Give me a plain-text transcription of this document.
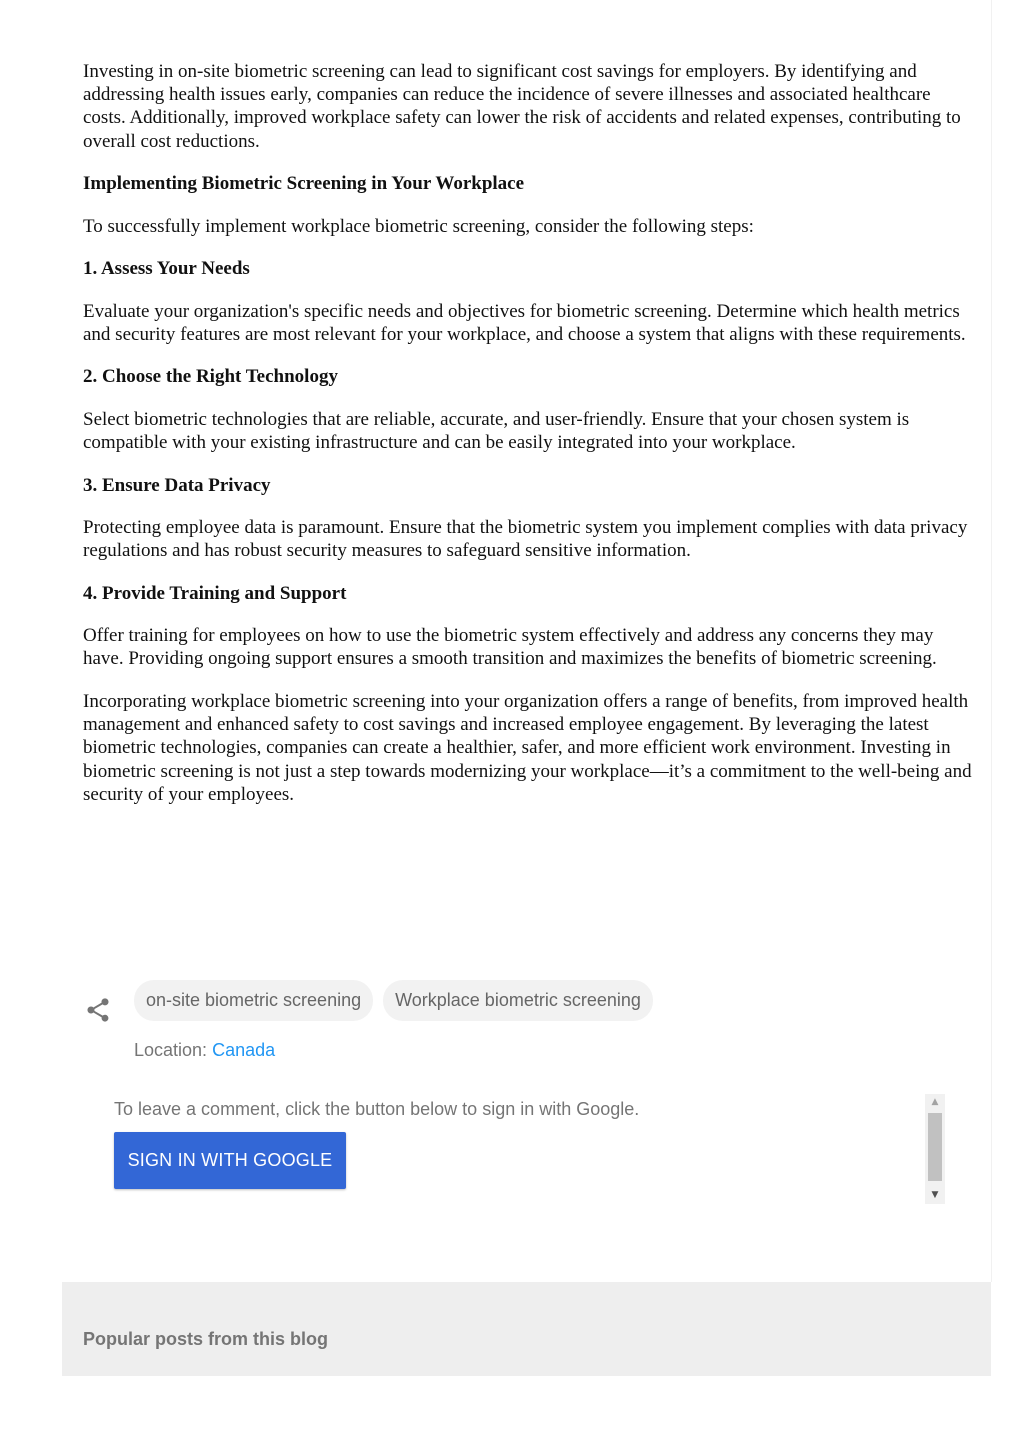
Investing in on-site biometric screening can lead to significant cost savings for employers. By identifying and addressing health issues early, companies can reduce the incidence of severe illnesses and associated healthcare costs. Additionally, improved workplace safety can lower the risk of accidents and related expenses, contributing to overall cost reductions.

Implementing Biometric Screening in Your Workplace

To successfully implement workplace biometric screening, consider the following steps:

1. Assess Your Needs

Evaluate your organization's specific needs and objectives for biometric screening. Determine which health metrics and security features are most relevant for your workplace, and choose a system that aligns with these requirements.

2. Choose the Right Technology

Select biometric technologies that are reliable, accurate, and user-friendly. Ensure that your chosen system is compatible with your existing infrastructure and can be easily integrated into your workplace.

3. Ensure Data Privacy

Protecting employee data is paramount. Ensure that the biometric system you implement complies with data privacy regulations and has robust security measures to safeguard sensitive information.

4. Provide Training and Support

Offer training for employees on how to use the biometric system effectively and address any concerns they may have. Providing ongoing support ensures a smooth transition and maximizes the benefits of biometric screening.

Incorporating workplace biometric screening into your organization offers a range of benefits, from improved health management and enhanced safety to cost savings and increased employee engagement. By leveraging the latest biometric technologies, companies can create a healthier, safer, and more efficient work environment. Investing in biometric screening is not just a step towards modernizing your workplace—it’s a commitment to the well-being and security of your employees.

on-site biometric screening	Workplace biometric screening
Location: Canada
To leave a comment, click the button below to sign in with Google.
SIGN IN WITH GOOGLE
▲
▼
Popular posts from this blog
